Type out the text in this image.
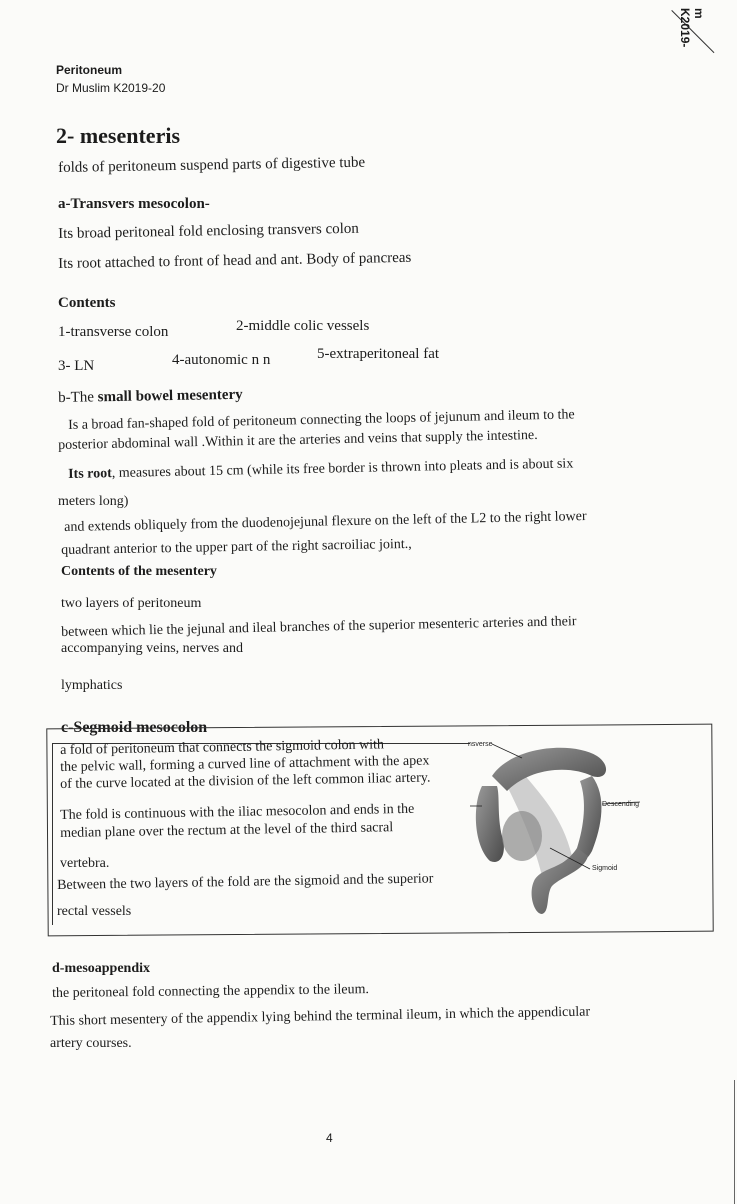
m K2019-
Peritoneum
Dr Muslim K2019-20
2- mesenteris
folds of peritoneum suspend parts of digestive tube
a-Transvers mesocolon-
Its broad peritoneal fold enclosing transvers colon
Its root attached to front of head and ant. Body of pancreas
Contents
1-transverse colon	2-middle colic vessels
3- LN	4-autonomic n n	5-extraperitoneal fat
b-The small bowel mesentery
Is a broad fan-shaped fold of peritoneum connecting the loops of jejunum and ileum to the
posterior abdominal wall .Within it are the arteries and veins that supply the intestine.
Its root, measures about 15 cm (while its free border is thrown into pleats and is about six
meters long)
and extends obliquely from the duodenojejunal flexure on the left of the L2 to the right lower
quadrant anterior to the upper part of the right sacroiliac joint.,
Contents of the mesentery
two layers of peritoneum
between which lie the jejunal and ileal branches of the superior mesenteric arteries and their
accompanying veins, nerves and
lymphatics
c-Segmoid mesocolon
a fold of peritoneum that connects the sigmoid colon with
the pelvic wall, forming a curved line of attachment with the apex
of the curve located at the division of the left common iliac artery.
The fold is continuous with the iliac mesocolon and ends in the
median plane over the rectum at the level of the third sacral
vertebra.
Between the two layers of the fold are the sigmoid and the superior
rectal vessels
nsverse
Descending
Sigmoid
d-mesoappendix
the peritoneal fold connecting the appendix to the ileum.
This short mesentery of the appendix lying behind the terminal ileum, in which the appendicular
artery courses.
4
